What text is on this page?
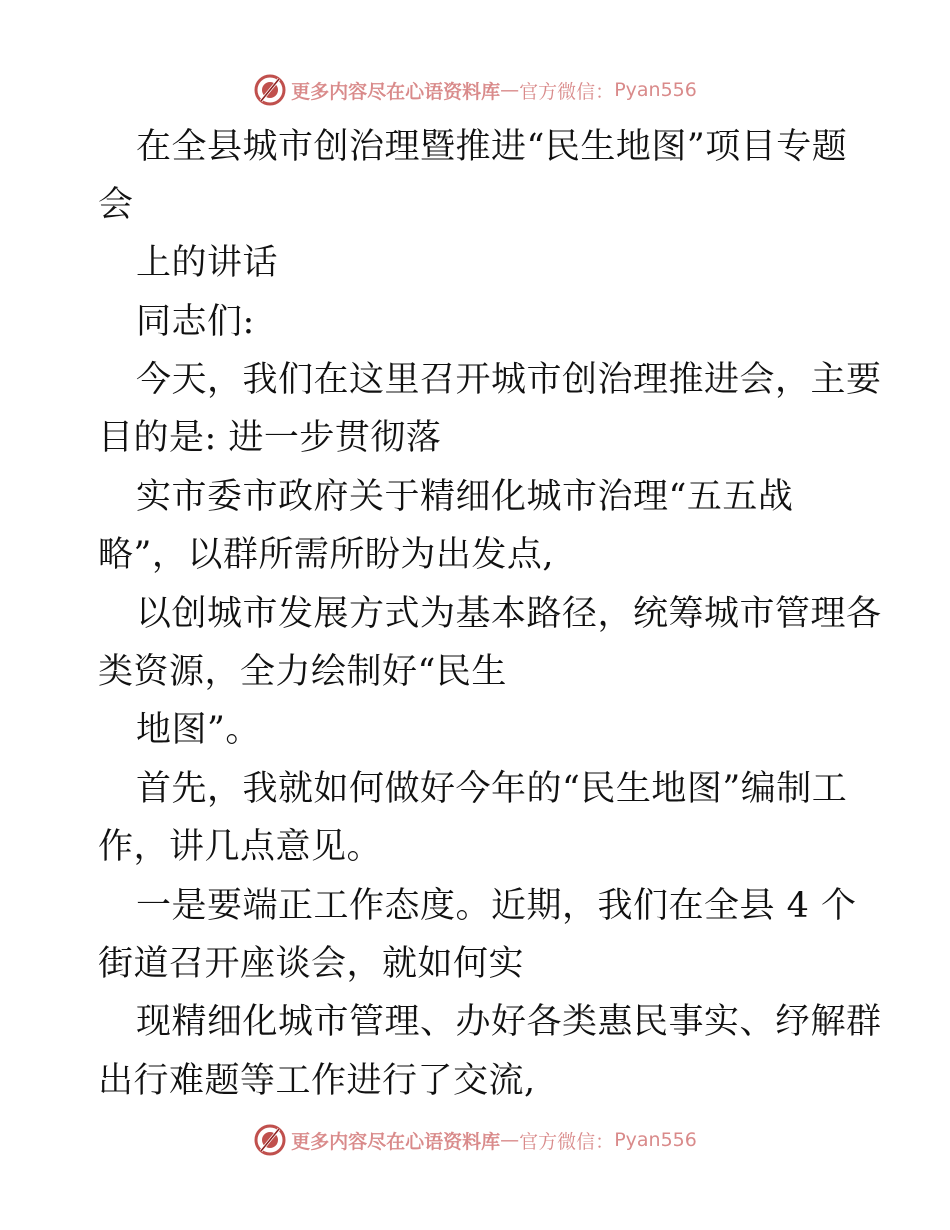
更多内容尽在心语资料库 — 官方微信： Pyan556
在全县城市创治理暨推进“民生地图”项目专题
会
上的讲话
同志们:
今天，我们在这里召开城市创治理推进会，主要
目的是: 进一步贯彻落
实市委市政府关于精细化城市治理“五五战
略”，以群所需所盼为出发点,
以创城市发展方式为基本路径，统筹城市管理各
类资源，全力绘制好“民生
地图”。
首先，我就如何做好今年的“民生地图”编制工
作，讲几点意见。
一是要端正工作态度。近期，我们在全县 4 个
街道召开座谈会，就如何实
现精细化城市管理、办好各类惠民事实、纾解群
出行难题等工作进行了交流,
更多内容尽在心语资料库 — 官方微信： Pyan556
